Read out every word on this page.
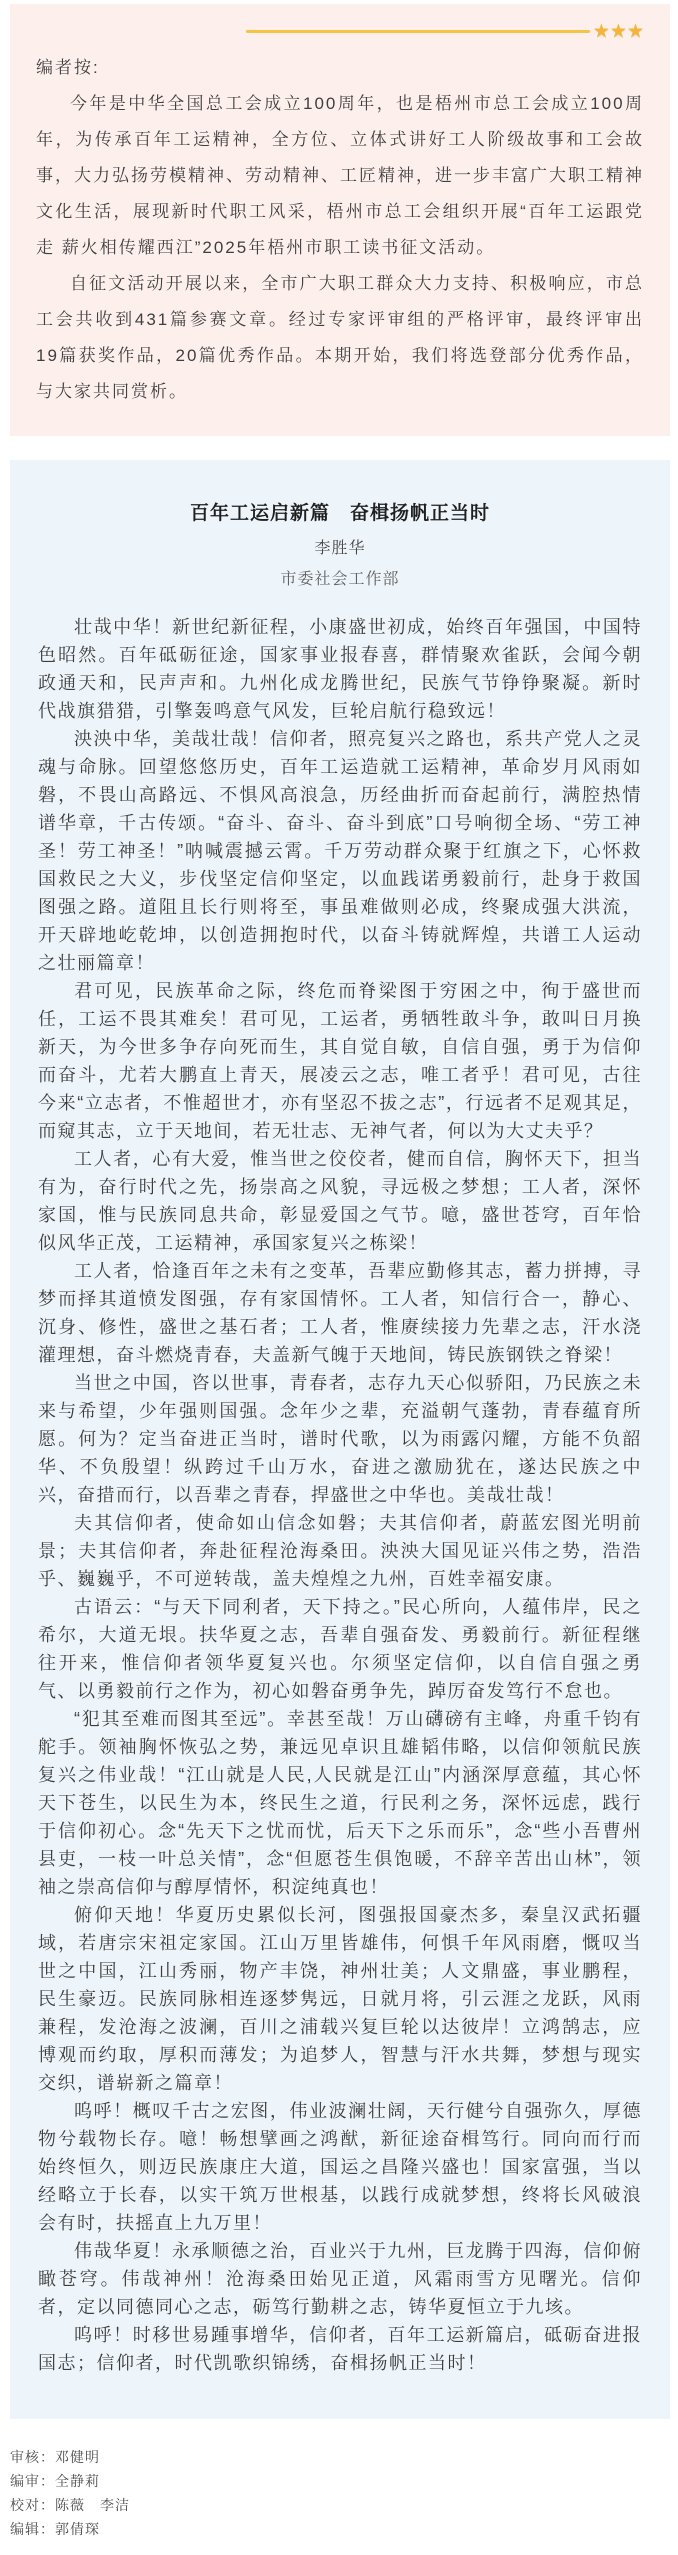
★★★

编者按:

今年是中华全国总工会成立100周年，也是梧州市总工会成立100周年，为传承百年工运精神，全方位、立体式讲好工人阶级故事和工会故事，大力弘扬劳模精神、劳动精神、工匠精神，进一步丰富广大职工精神文化生活，展现新时代职工风采，梧州市总工会组织开展“百年工运跟党走 薪火相传耀西江”2025年梧州市职工读书征文活动。

自征文活动开展以来，全市广大职工群众大力支持、积极响应，市总工会共收到431篇参赛文章。经过专家评审组的严格评审，最终评审出19篇获奖作品，20篇优秀作品。本期开始，我们将选登部分优秀作品，与大家共同赏析。

百年工运启新篇　奋楫扬帆正当时

李胜华

市委社会工作部

壮哉中华！新世纪新征程，小康盛世初成，始终百年强国，中国特色昭然。百年砥砺征途，国家事业报春喜，群情聚欢雀跃，会闻今朝政通天和，民声声和。九州化成龙腾世纪，民族气节铮铮聚凝。新时代战旗猎猎，引擎轰鸣意气风发，巨轮启航行稳致远！

泱泱中华，美哉壮哉！信仰者，照亮复兴之路也，系共产党人之灵魂与命脉。回望悠悠历史，百年工运造就工运精神，革命岁月风雨如磐，不畏山高路远、不惧风高浪急，历经曲折而奋起前行，满腔热情谱华章，千古传颂。“奋斗、奋斗、奋斗到底”口号响彻全场、“劳工神圣！劳工神圣！”呐喊震撼云霄。千万劳动群众聚于红旗之下，心怀救国救民之大义，步伐坚定信仰坚定，以血践诺勇毅前行，赴身于救国图强之路。道阻且长行则将至，事虽难做则必成，终聚成强大洪流，开天辟地屹乾坤，以创造拥抱时代，以奋斗铸就辉煌，共谱工人运动之壮丽篇章！

君可见，民族革命之际，终危而脊梁图于穷困之中，徇于盛世而任，工运不畏其难矣！君可见，工运者，勇牺牲敢斗争，敢叫日月换新天，为今世多争存向死而生，其自觉自敏，自信自强，勇于为信仰而奋斗，尤若大鹏直上青天，展凌云之志，唯工者乎！君可见，古往今来“立志者，不惟超世才，亦有坚忍不拔之志”，行远者不足观其足，而窥其志，立于天地间，若无壮志、无神气者，何以为大丈夫乎？

工人者，心有大爱，惟当世之佼佼者，健而自信，胸怀天下，担当有为，奋行时代之先，扬崇高之风貌，寻远极之梦想；工人者，深怀家国，惟与民族同息共命，彰显爱国之气节。噫，盛世苍穹，百年恰似风华正茂，工运精神，承国家复兴之栋梁！

工人者，恰逢百年之未有之变革，吾辈应勤修其志，蓄力拼搏，寻梦而择其道愤发图强，存有家国情怀。工人者，知信行合一，静心、沉身、修性，盛世之基石者；工人者，惟赓续接力先辈之志，汗水浇灌理想，奋斗燃烧青春，夫盖新气魄于天地间，铸民族钢铁之脊梁！

当世之中国，咨以世事，青春者，志存九天心似骄阳，乃民族之未来与希望，少年强则国强。念年少之辈，充溢朝气蓬勃，青春蕴育所愿。何为？定当奋进正当时，谱时代歌，以为雨露闪耀，方能不负韶华、不负殷望！纵跨过千山万水，奋进之激励犹在，遂达民族之中兴，奋措而行，以吾辈之青春，捍盛世之中华也。美哉壮哉！

夫其信仰者，使命如山信念如磐；夫其信仰者，蔚蓝宏图光明前景；夫其信仰者，奔赴征程沧海桑田。泱泱大国见证兴伟之势，浩浩乎、巍巍乎，不可逆转哉，盖夫煌煌之九州，百姓幸福安康。

古语云：“与天下同利者，天下持之。”民心所向，人蕴伟岸，民之希尔，大道无垠。扶华夏之志，吾辈自强奋发、勇毅前行。新征程继往开来，惟信仰者领华夏复兴也。尔须坚定信仰，以自信自强之勇气、以勇毅前行之作为，初心如磐奋勇争先，踔厉奋发笃行不怠也。

“犯其至难而图其至远”。幸甚至哉！万山礴磅有主峰，舟重千钧有舵手。领袖胸怀恢弘之势，兼远见卓识且雄韬伟略，以信仰领航民族复兴之伟业哉！“江山就是人民,人民就是江山”内涵深厚意蕴，其心怀天下苍生，以民生为本，终民生之道，行民利之务，深怀远虑，践行于信仰初心。念“先天下之忧而忧，后天下之乐而乐”，念“些小吾曹州县吏，一枝一叶总关情”，念“但愿苍生俱饱暖，不辞辛苦出山林”，领袖之崇高信仰与醇厚情怀，积淀纯真也！

俯仰天地！华夏历史累似长河，图强报国豪杰多，秦皇汉武拓疆域，若唐宗宋祖定家国。江山万里皆雄伟，何惧千年风雨磨，慨叹当世之中国，江山秀丽，物产丰饶，神州壮美；人文鼎盛，事业鹏程，民生豪迈。民族同脉相连逐梦隽远，日就月将，引云涯之龙跃，风雨兼程，发沧海之波澜，百川之浦载兴复巨轮以达彼岸！立鸿鹄志，应博观而约取，厚积而薄发；为追梦人，智慧与汗水共舞，梦想与现实交织，谱崭新之篇章！

呜呼！概叹千古之宏图，伟业波澜壮阔，天行健兮自强弥久，厚德物兮载物长存。噫！畅想擘画之鸿猷，新征途奋楫笃行。同向而行而始终恒久，则迈民族康庄大道，国运之昌隆兴盛也！国家富强，当以经略立于长春，以实干筑万世根基，以践行成就梦想，终将长风破浪会有时，扶摇直上九万里！

伟哉华夏！永承顺德之治，百业兴于九州，巨龙腾于四海，信仰俯瞰苍穹。伟哉神州！沧海桑田始见正道，风霜雨雪方见曙光。信仰者，定以同德同心之志，砺笃行勤耕之志，铸华夏恒立于九垓。

呜呼！时移世易踵事增华，信仰者，百年工运新篇启，砥砺奋进报国志；信仰者，时代凯歌织锦绣，奋楫扬帆正当时！

审核：邓健明

编审：全静莉

校对：陈薇　李洁

编辑：郭倩琛
